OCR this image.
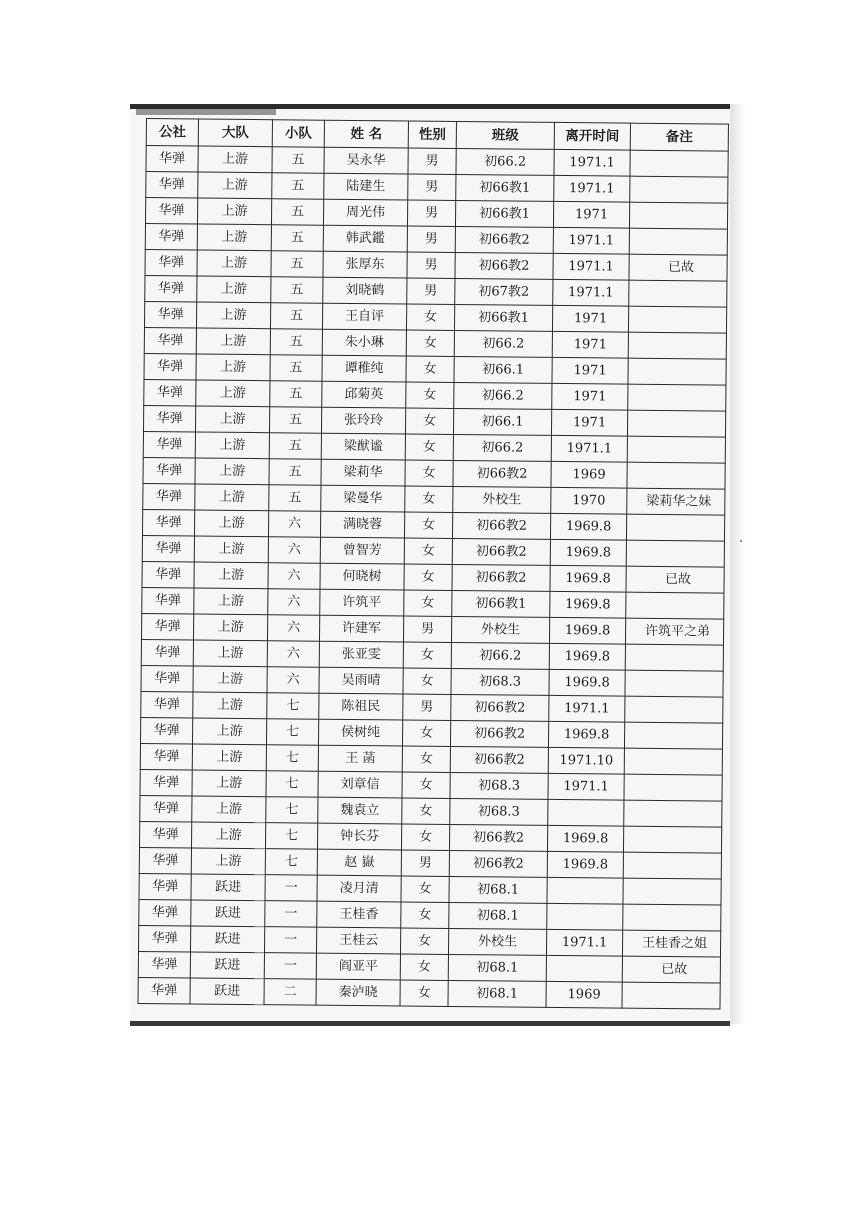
公社	大队	小队	姓 名	性别	班级	离开时间	备注
华弹	上游	五	吴永华	男	初66.2	1971.1	
华弹	上游	五	陆建生	男	初66教1	1971.1	
华弹	上游	五	周光伟	男	初66教1	1971	
华弹	上游	五	韩武鑑	男	初66教2	1971.1	
华弹	上游	五	张厚东	男	初66教2	1971.1	已故
华弹	上游	五	刘晓鹤	男	初67教2	1971.1	
华弹	上游	五	王自评	女	初66教1	1971	
华弹	上游	五	朱小琳	女	初66.2	1971	
华弹	上游	五	谭稚纯	女	初66.1	1971	
华弹	上游	五	邱菊英	女	初66.2	1971	
华弹	上游	五	张玲玲	女	初66.1	1971	
华弹	上游	五	梁猷谧	女	初66.2	1971.1	
华弹	上游	五	梁莉华	女	初66教2	1969	
华弹	上游	五	梁曼华	女	外校生	1970	梁莉华之妹
华弹	上游	六	满晓蓉	女	初66教2	1969.8	
华弹	上游	六	曾智芳	女	初66教2	1969.8	
华弹	上游	六	何晓树	女	初66教2	1969.8	已故
华弹	上游	六	许筑平	女	初66教1	1969.8	
华弹	上游	六	许建军	男	外校生	1969.8	许筑平之弟
华弹	上游	六	张亚雯	女	初66.2	1969.8	
华弹	上游	六	吴雨晴	女	初68.3	1969.8	
华弹	上游	七	陈祖民	男	初66教2	1971.1	
华弹	上游	七	侯树纯	女	初66教2	1969.8	
华弹	上游	七	王 菡	女	初66教2	1971.10	
华弹	上游	七	刘章信	女	初68.3	1971.1	
华弹	上游	七	魏袁立	女	初68.3		
华弹	上游	七	钟长芬	女	初66教2	1969.8	
华弹	上游	七	赵 嶽	男	初66教2	1969.8	
华弹	跃进	一	凌月清	女	初68.1		
华弹	跃进	一	王桂香	女	初68.1		
华弹	跃进	一	王桂云	女	外校生	1971.1	王桂香之姐
华弹	跃进	一	阎亚平	女	初68.1		已故
华弹	跃进	二	秦泸晓	女	初68.1	1969	
